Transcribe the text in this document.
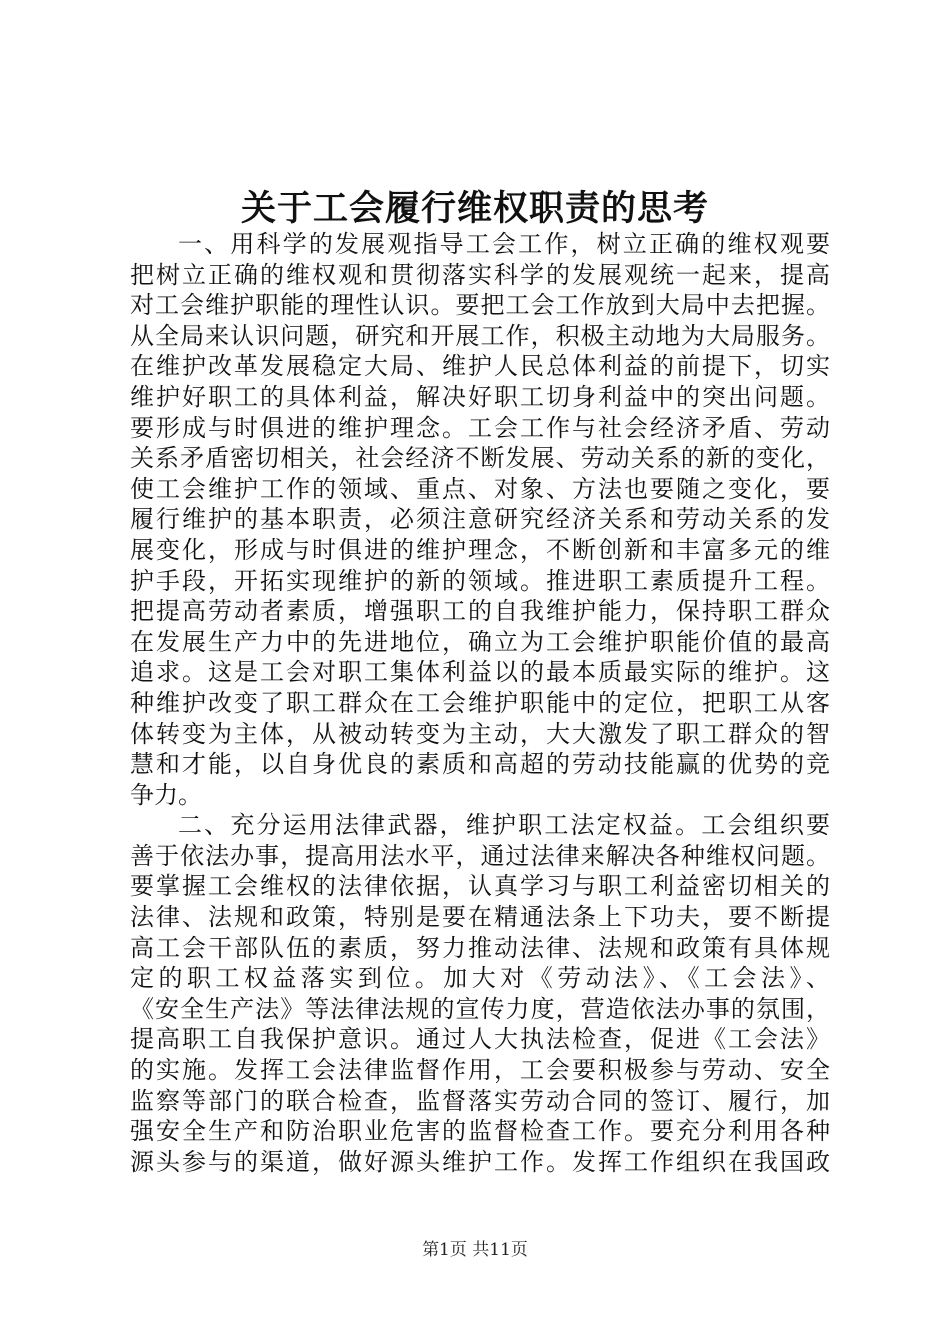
关于工会履行维权职责的思考
一、用科学的发展观指导工会工作，树立正确的维权观要
把树立正确的维权观和贯彻落实科学的发展观统一起来，提高
对工会维护职能的理性认识。要把工会工作放到大局中去把握。
从全局来认识问题，研究和开展工作，积极主动地为大局服务。
在维护改革发展稳定大局、维护人民总体利益的前提下，切实
维护好职工的具体利益，解决好职工切身利益中的突出问题。
要形成与时俱进的维护理念。工会工作与社会经济矛盾、劳动
关系矛盾密切相关，社会经济不断发展、劳动关系的新的变化，
使工会维护工作的领域、重点、对象、方法也要随之变化，要
履行维护的基本职责，必须注意研究经济关系和劳动关系的发
展变化，形成与时俱进的维护理念，不断创新和丰富多元的维
护手段，开拓实现维护的新的领域。推进职工素质提升工程。
把提高劳动者素质，增强职工的自我维护能力，保持职工群众
在发展生产力中的先进地位，确立为工会维护职能价值的最高
追求。这是工会对职工集体利益以的最本质最实际的维护。这
种维护改变了职工群众在工会维护职能中的定位，把职工从客
体转变为主体，从被动转变为主动，大大激发了职工群众的智
慧和才能，以自身优良的素质和高超的劳动技能赢的优势的竞
争力。
二、充分运用法律武器，维护职工法定权益。工会组织要
善于依法办事，提高用法水平，通过法律来解决各种维权问题。
要掌握工会维权的法律依据，认真学习与职工利益密切相关的
法律、法规和政策，特别是要在精通法条上下功夫，要不断提
高工会干部队伍的素质，努力推动法律、法规和政策有具体规
定的职工权益落实到位。加大对《劳动法》、《工会法》、
《安全生产法》等法律法规的宣传力度，营造依法办事的氛围，
提高职工自我保护意识。通过人大执法检查，促进《工会法》
的实施。发挥工会法律监督作用，工会要积极参与劳动、安全
监察等部门的联合检查，监督落实劳动合同的签订、履行，加
强安全生产和防治职业危害的监督检查工作。要充分利用各种
源头参与的渠道，做好源头维护工作。发挥工作组织在我国政
第1页 共11页
